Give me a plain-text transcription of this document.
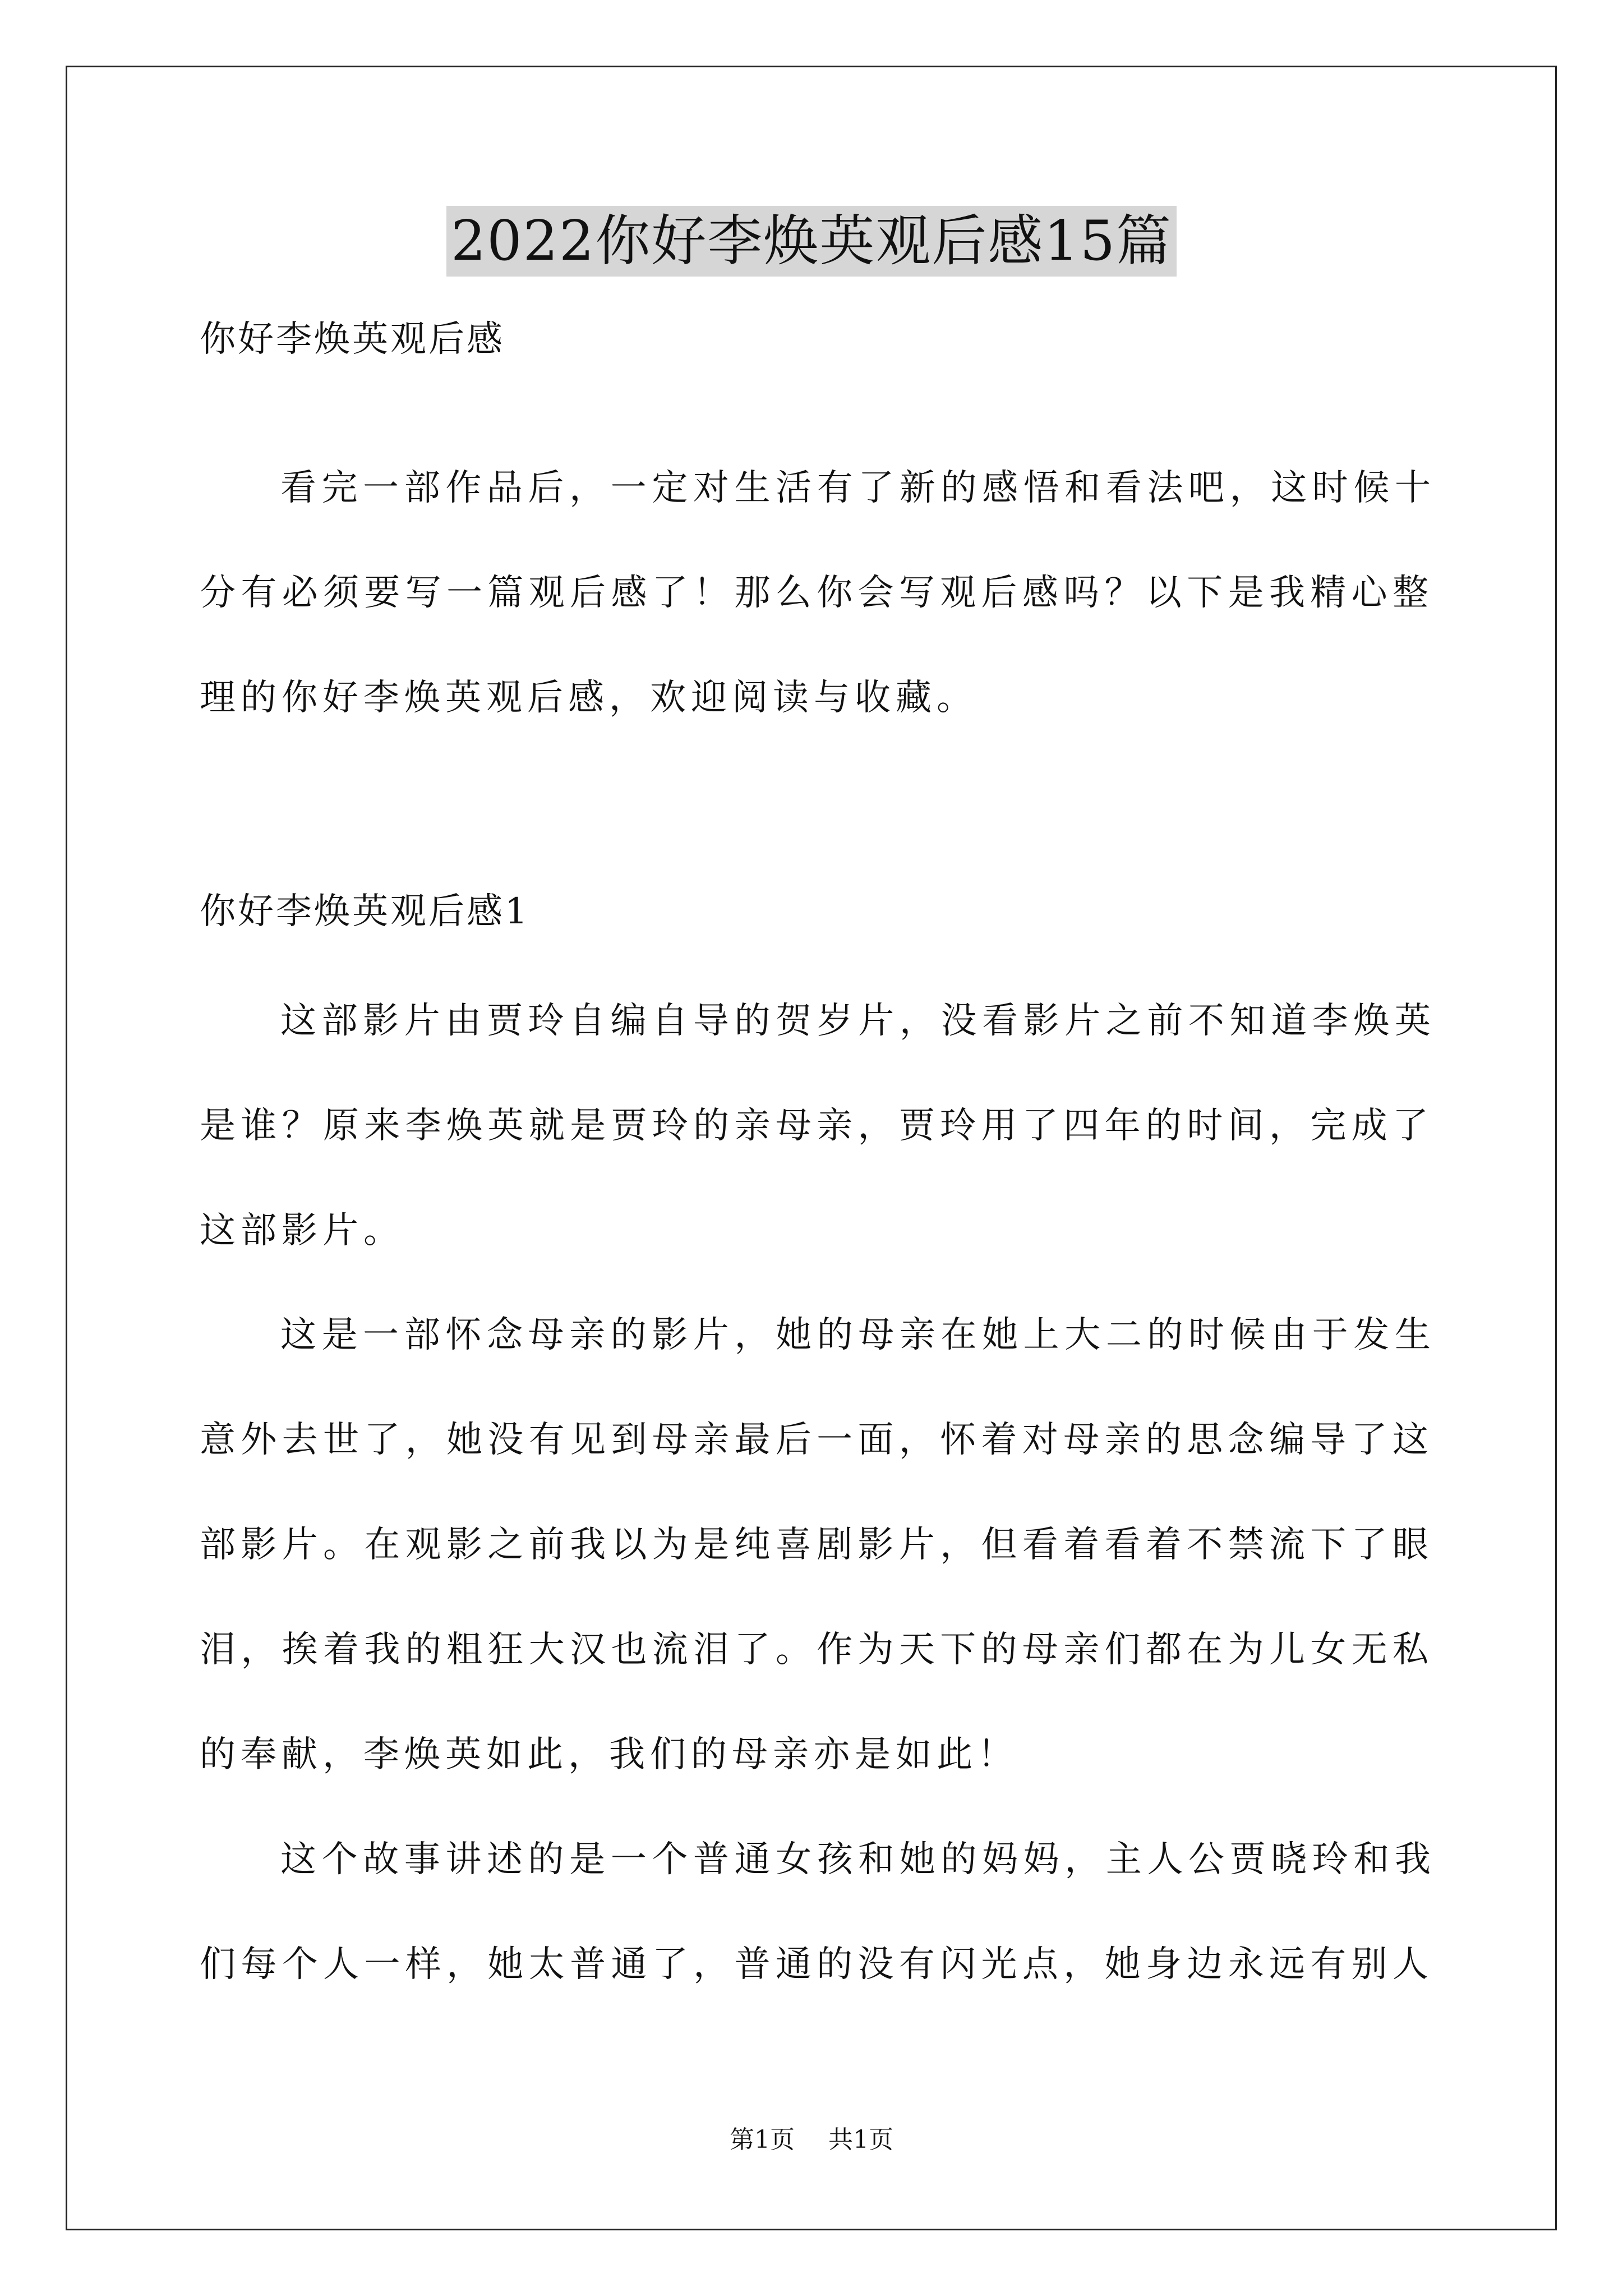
2022你好李焕英观后感15篇
你好李焕英观后感
看完一部作品后，一定对生活有了新的感悟和看法吧，这时候十
分有必须要写一篇观后感了！那么你会写观后感吗？以下是我精心整
理的你好李焕英观后感，欢迎阅读与收藏。
你好李焕英观后感1
这部影片由贾玲自编自导的贺岁片，没看影片之前不知道李焕英
是谁？原来李焕英就是贾玲的亲母亲，贾玲用了四年的时间，完成了
这部影片。
这是一部怀念母亲的影片，她的母亲在她上大二的时候由于发生
意外去世了，她没有见到母亲最后一面，怀着对母亲的思念编导了这
部影片。在观影之前我以为是纯喜剧影片，但看着看着不禁流下了眼
泪，挨着我的粗狂大汉也流泪了。作为天下的母亲们都在为儿女无私
的奉献，李焕英如此，我们的母亲亦是如此！
这个故事讲述的是一个普通女孩和她的妈妈，主人公贾晓玲和我
们每个人一样，她太普通了，普通的没有闪光点，她身边永远有别人
第1页 共1页
